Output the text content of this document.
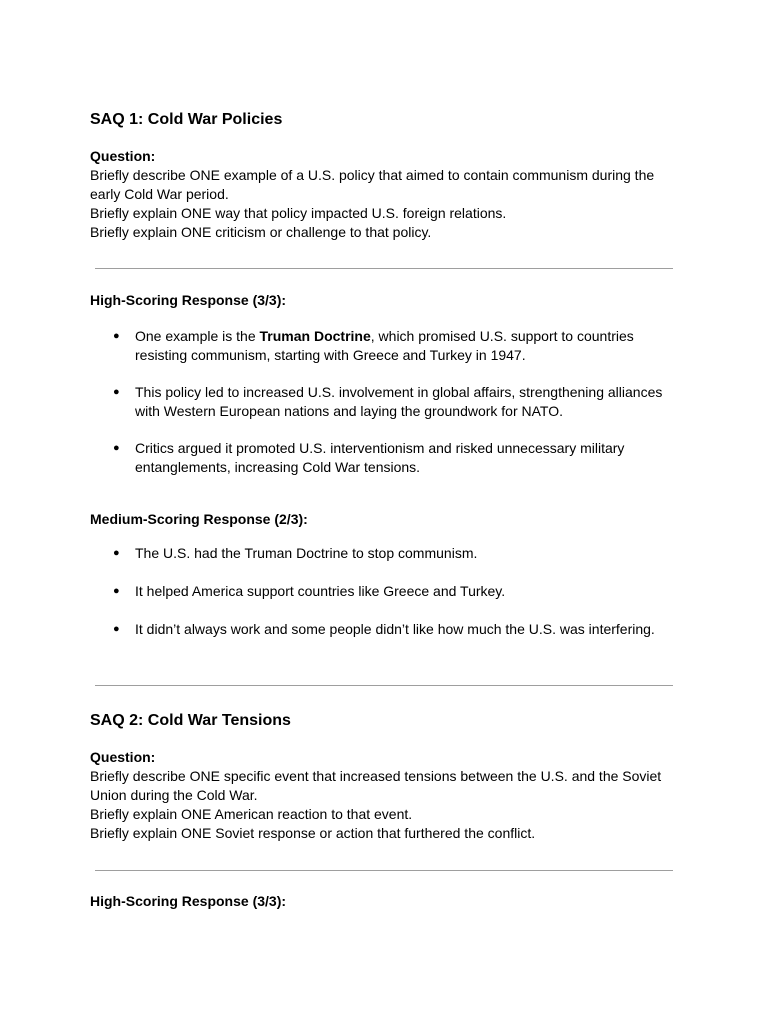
SAQ 1: Cold War Policies

Question:

Briefly describe ONE example of a U.S. policy that aimed to contain communism during the early Cold War period.
Briefly explain ONE way that policy impacted U.S. foreign relations.
Briefly explain ONE criticism or challenge to that policy.

High-Scoring Response (3/3):

● One example is the Truman Doctrine, which promised U.S. support to countries resisting communism, starting with Greece and Turkey in 1947.
● This policy led to increased U.S. involvement in global affairs, strengthening alliances with Western European nations and laying the groundwork for NATO.
● Critics argued it promoted U.S. interventionism and risked unnecessary military entanglements, increasing Cold War tensions.

Medium-Scoring Response (2/3):

● The U.S. had the Truman Doctrine to stop communism.
● It helped America support countries like Greece and Turkey.
● It didn’t always work and some people didn’t like how much the U.S. was interfering.
SAQ 2: Cold War Tensions

Question:

Briefly describe ONE specific event that increased tensions between the U.S. and the Soviet Union during the Cold War.
Briefly explain ONE American reaction to that event.
Briefly explain ONE Soviet response or action that furthered the conflict.

High-Scoring Response (3/3):
